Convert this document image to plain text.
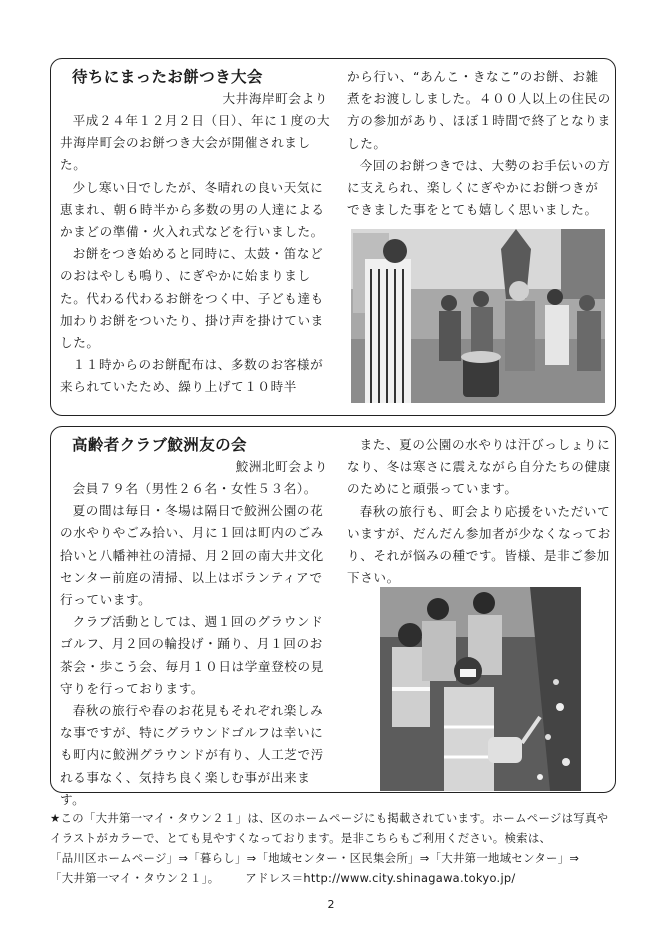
待ちにまったお餅つき大会
大井海岸町会より

平成２４年１２月２日（日）、年に１度の大井海岸町会のお餅つき大会が開催されました。

少し寒い日でしたが、冬晴れの良い天気に恵まれ、朝６時半から多数の男の人達によるかまどの準備・火入れ式などを行いました。

お餅をつき始めると同時に、太鼓・笛などのおはやしも鳴り、にぎやかに始まりました。代わる代わるお餅をつく中、子ども達も加わりお餅をついたり、掛け声を掛けていました。

１１時からのお餅配布は、多数のお客様が来られていたため、繰り上げて１０時半

から行い、“あんこ・きなこ”のお餅、お雑煮をお渡ししました。４００人以上の住民の方の参加があり、ほぼ１時間で終了となりました。

今回のお餅つきでは、大勢のお手伝いの方に支えられ、楽しくにぎやかにお餅つきができました事をとても嬉しく思いました。

高齢者クラブ鮫洲友の会
鮫洲北町会より

会員７９名（男性２６名・女性５３名）。

夏の間は毎日・冬場は隔日で鮫洲公園の花の水やりやごみ拾い、月に１回は町内のごみ拾いと八幡神社の清掃、月２回の南大井文化センター前庭の清掃、以上はボランティアで行っています。

クラブ活動としては、週１回のグラウンドゴルフ、月２回の輪投げ・踊り、月１回のお茶会・歩こう会、毎月１０日は学童登校の見守りを行っております。

春秋の旅行や春のお花見もそれぞれ楽しみな事ですが、特にグラウンドゴルフは幸いにも町内に鮫洲グラウンドが有り、人工芝で汚れる事なく、気持ち良く楽しむ事が出来ます。

また、夏の公園の水やりは汗びっしょりになり、冬は寒さに震えながら自分たちの健康のためにと頑張っています。

春秋の旅行も、町会より応援をいただいていますが、だんだん参加者が少なくなっており、それが悩みの種です。皆様、是非ご参加下さい。

★この「大井第一マイ・タウン２１」は、区のホームページにも掲載されています。ホームページは写真やイラストがカラーで、とても見やすくなっております。是非こちらもご利用ください。検索は、

「品川区ホームページ」⇒「暮らし」⇒「地域センター・区民集会所」⇒「大井第一地域センター」⇒

「大井第一マイ・タウン２１」。 アドレス＝http://www.city.shinagawa.tokyo.jp/

2
